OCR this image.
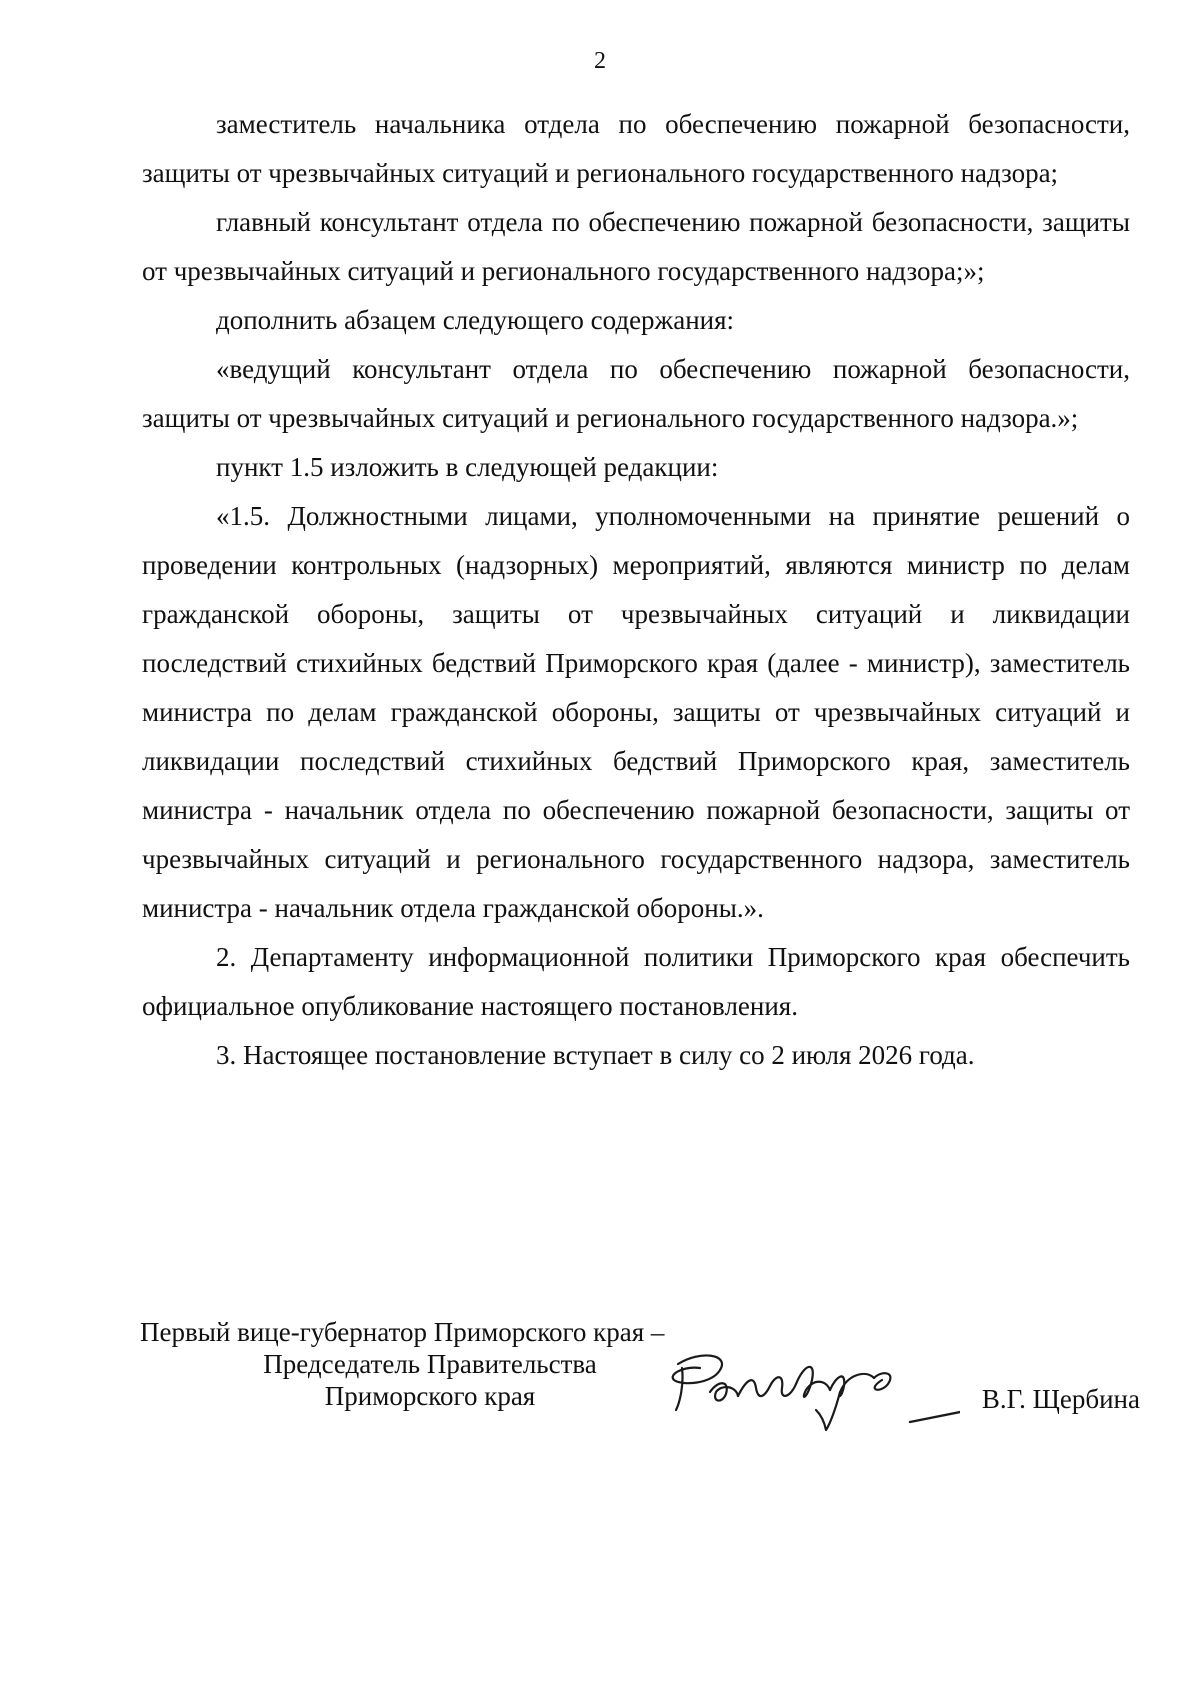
2

заместитель начальника отдела по обеспечению пожарной безопасности, защиты от чрезвычайных ситуаций и регионального государственного надзора;

главный консультант отдела по обеспечению пожарной безопасности, защиты от чрезвычайных ситуаций и регионального государственного надзора;»;

дополнить абзацем следующего содержания:

«ведущий консультант отдела по обеспечению пожарной безопасности, защиты от чрезвычайных ситуаций и регионального государственного надзора.»;

пункт 1.5 изложить в следующей редакции:

«1.5. Должностными лицами, уполномоченными на принятие решений о проведении контрольных (надзорных) мероприятий, являются министр по делам гражданской обороны, защиты от чрезвычайных ситуаций и ликвидации последствий стихийных бедствий Приморского края (далее - министр), заместитель министра по делам гражданской обороны, защиты от чрезвычайных ситуаций и ликвидации последствий стихийных бедствий Приморского края, заместитель министра - начальник отдела по обеспечению пожарной безопасности, защиты от чрезвычайных ситуаций и регионального государственного надзора, заместитель министра - начальник отдела гражданской обороны.».

2. Департаменту информационной политики Приморского края обеспечить официальное опубликование настоящего постановления.

3. Настоящее постановление вступает в силу со 2 июля 2026 года.

Первый вице-губернатор Приморского края –
Председатель Правительства
Приморского края	В.Г. Щербина
